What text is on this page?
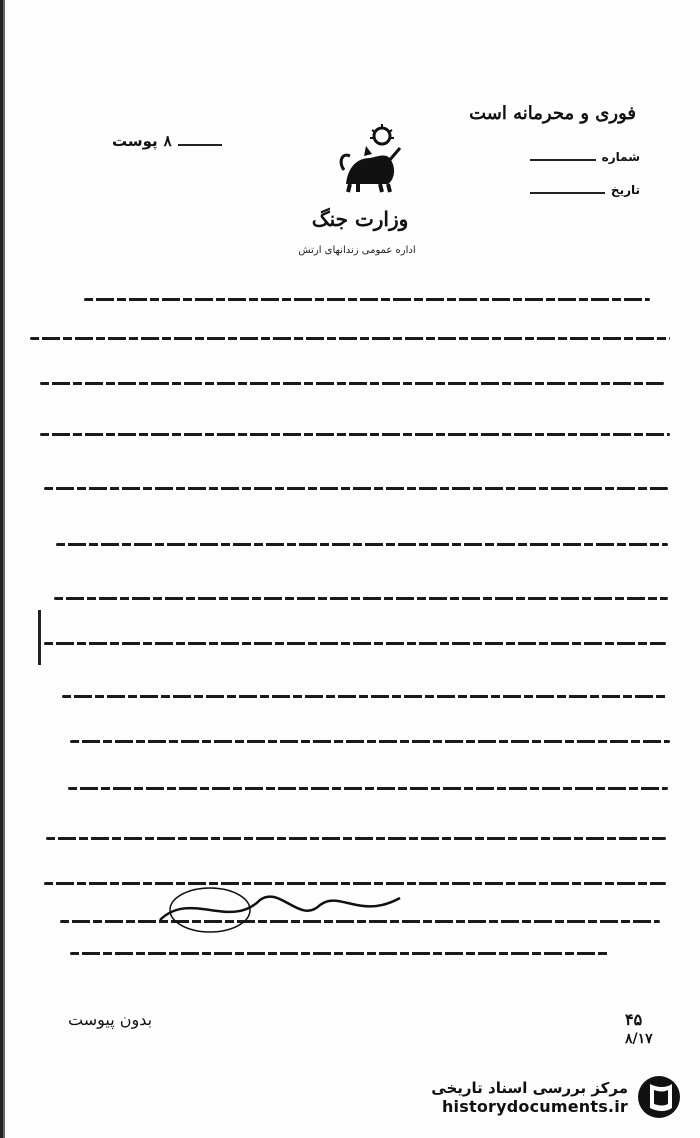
فوری و محرمانه است
۸
پوست
شماره
تاریخ
وزارت جنگ
اداره عمومی زندانهای ارتش
بدون پیوست	۴۵
۸/۱۷
مرکز بررسی اسناد تاریخی
historydocuments.ir
